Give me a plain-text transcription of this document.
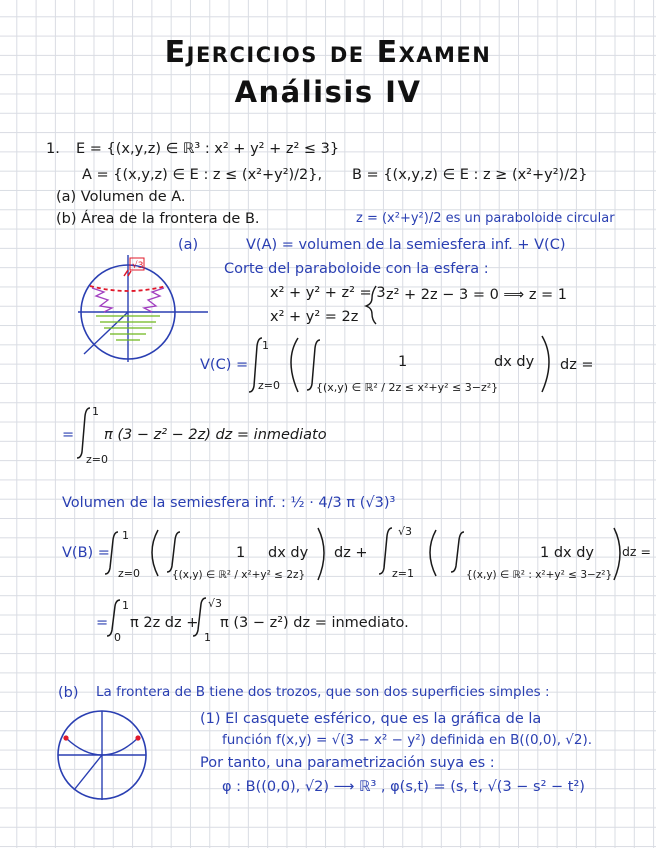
Ejercicios de Examen
Análisis IV
1. E = {(x,y,z) ∈ ℝ³ : x² + y² + z² ≤ 3}
A = {(x,y,z) ∈ E : z ≤ (x²+y²)/2}, B = {(x,y,z) ∈ E : z ≥ (x²+y²)/2}
(a) Volumen de A.
(b) Área de la frontera de B.	z = (x²+y²)/2 es un paraboloide circular
(a)	V(A) = volumen de la semiesfera inf. + V(C)
Corte del paraboloide con la esfera :
x² + y² + z² = 3
x² + y² = 2z
z² + 2z − 3 = 0 ⟹ z = 1
V(C) =
1
z=0
1	dx dy
{(x,y) ∈ ℝ² / 2z ≤ x²+y² ≤ 3−z²}
dz =
=
1
z=0
π (3 − z² − 2z) dz = inmediato
Volumen de la semiesfera inf. : ½ · 4/3 π (√3)³
V(B) =
1
z=0
1 dx dy
{(x,y) ∈ ℝ² / x²+y² ≤ 2z}
dz +
√3
z=1
1 dx dy
{(x,y) ∈ ℝ² : x²+y² ≤ 3−z²}
dz =
=
1
0
π 2z dz +
√3
1
π (3 − z²) dz = inmediato.
(b) La frontera de B tiene dos trozos, que son dos superficies simples :
(1) El casquete esférico, que es la gráfica de la
función f(x,y) = √(3 − x² − y²) definida en B((0,0), √2).
Por tanto, una parametrización suya es :
φ : B((0,0), √2) ⟶ ℝ³ , φ(s,t) = (s, t, √(3 − s² − t²)
√3
